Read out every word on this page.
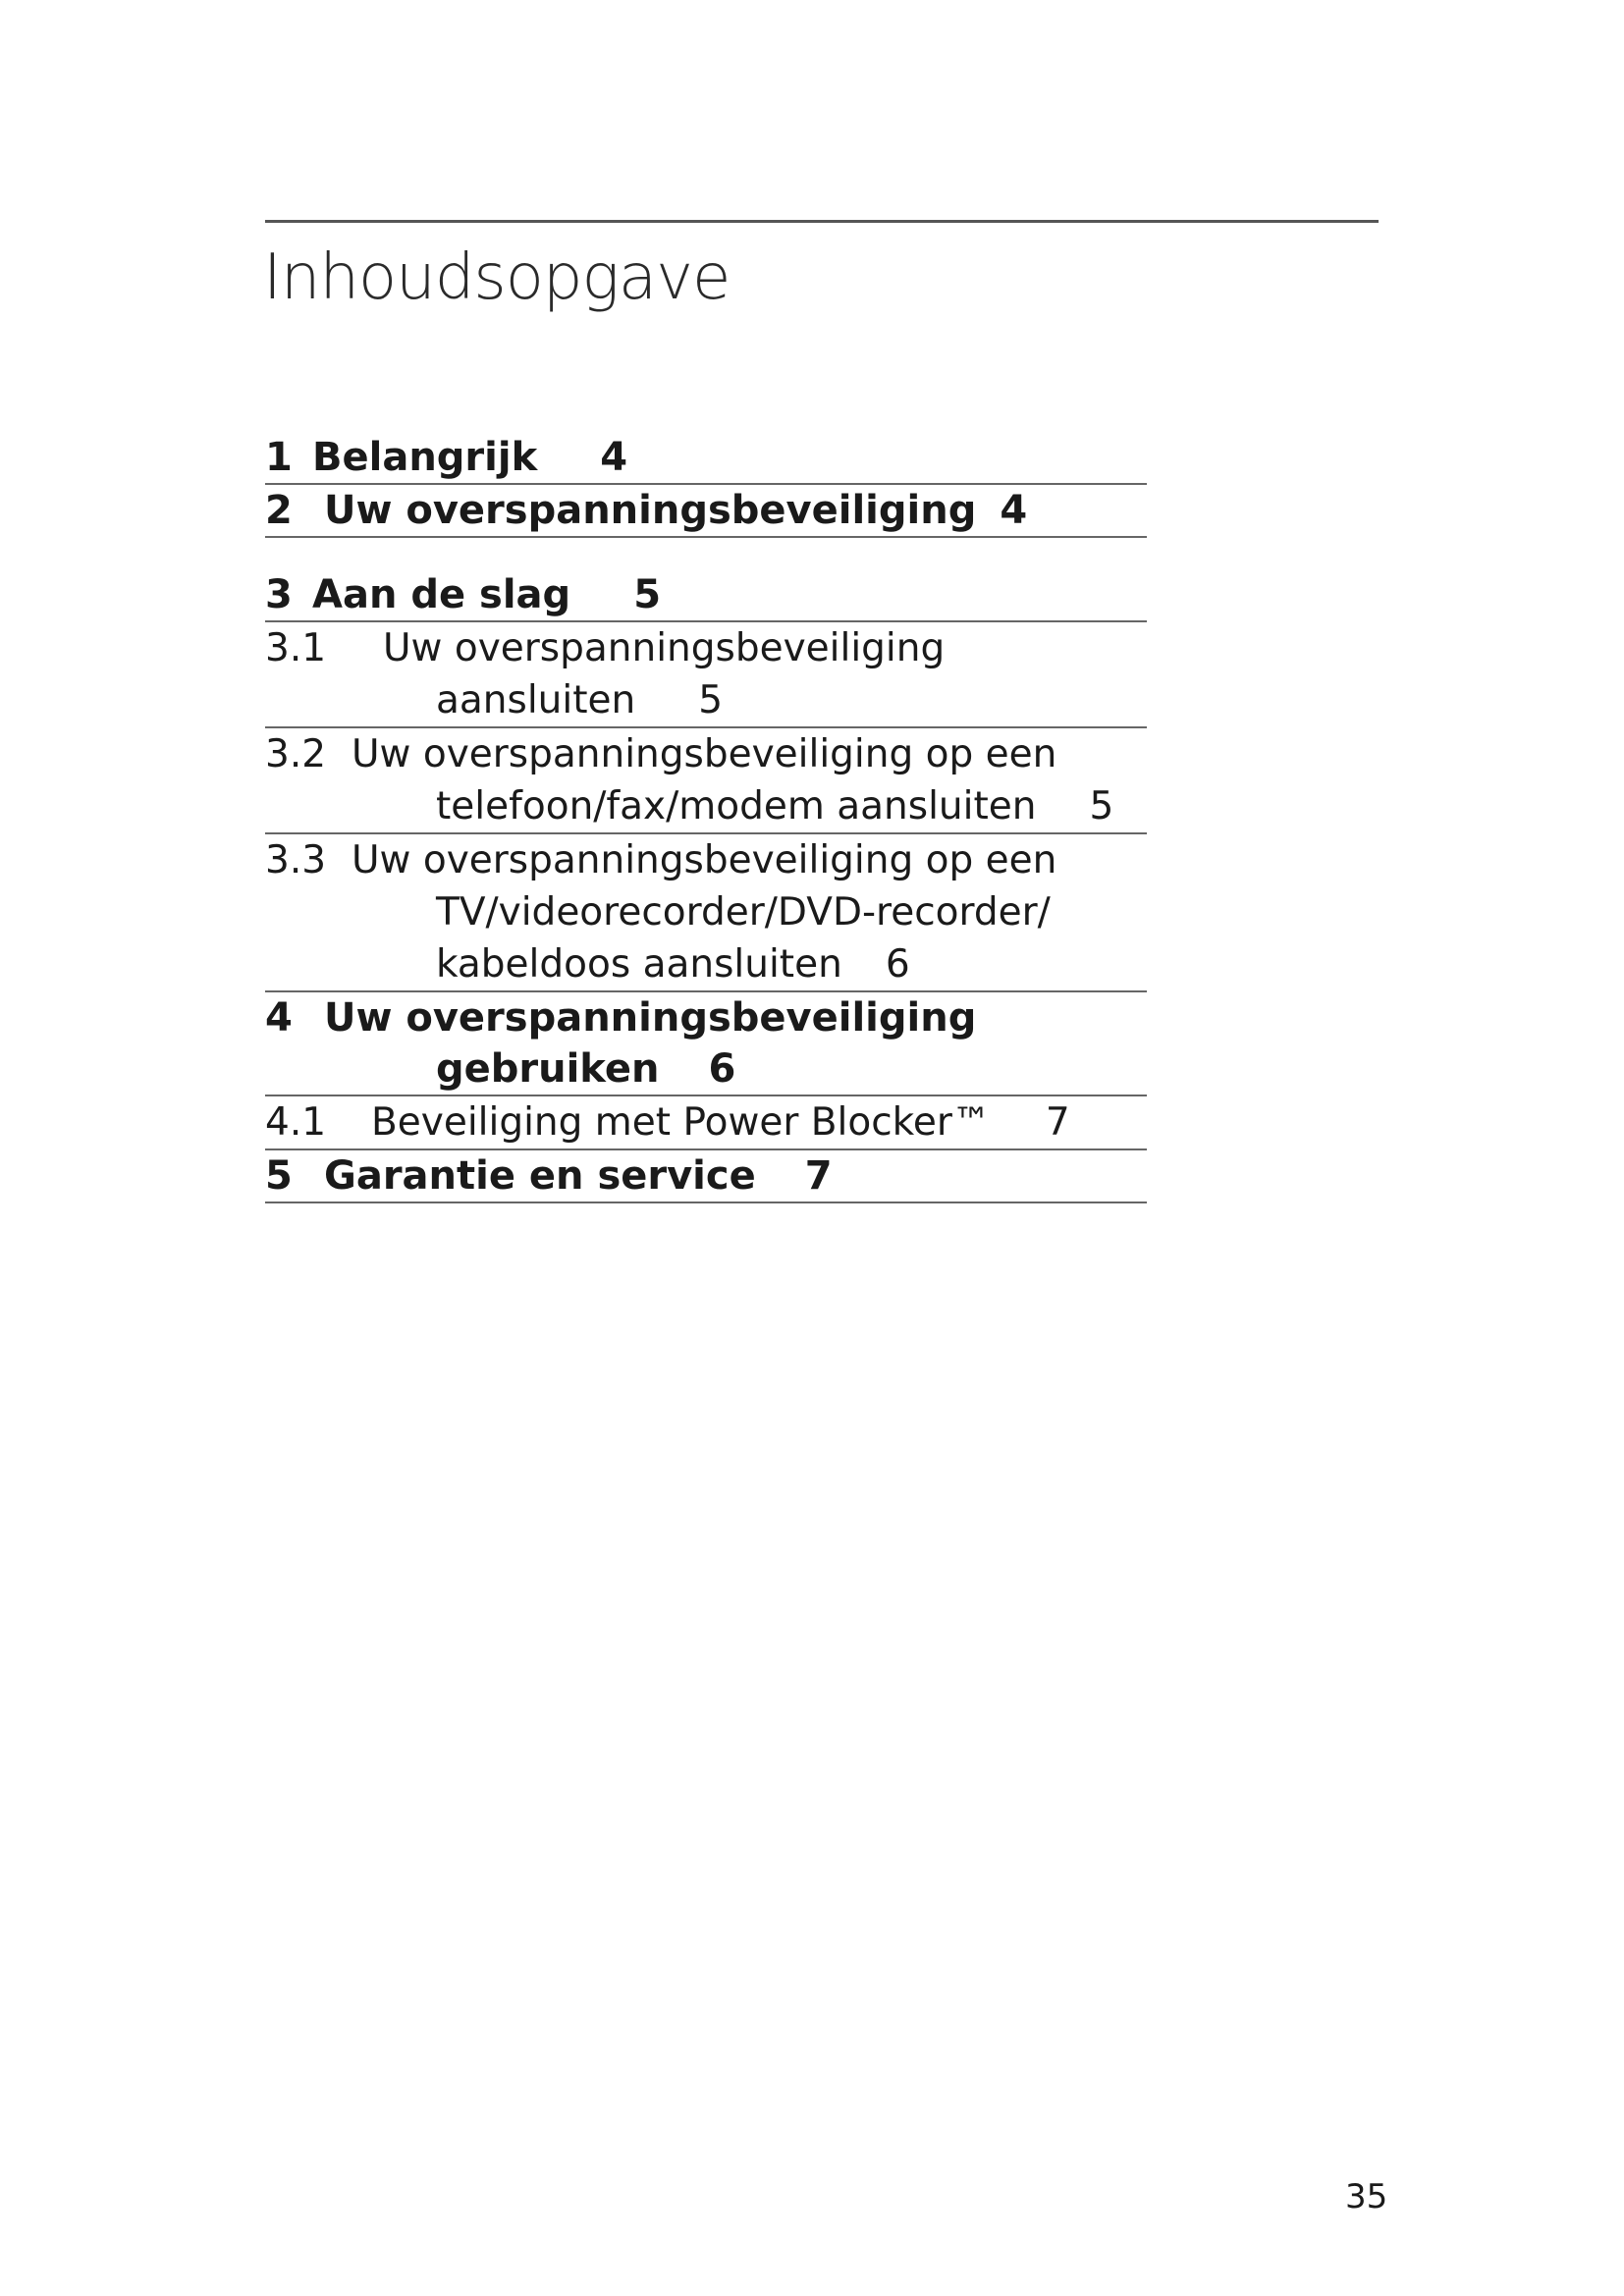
Inhoudsopgave
1 Belangrijk 4
2 Uw overspanningsbeveiliging 4
3 Aan de slag 5
3.1 Uw overspanningsbeveiliging
aansluiten 5
3.2 Uw overspanningsbeveiliging op een
telefoon/fax/modem aansluiten 5
3.3 Uw overspanningsbeveiliging op een
TV/videorecorder/DVD-recorder/
kabeldoos aansluiten 6
4 Uw overspanningsbeveiliging
gebruiken 6
4.1 Beveiliging met Power Blocker™ 7
5 Garantie en service 7
35
